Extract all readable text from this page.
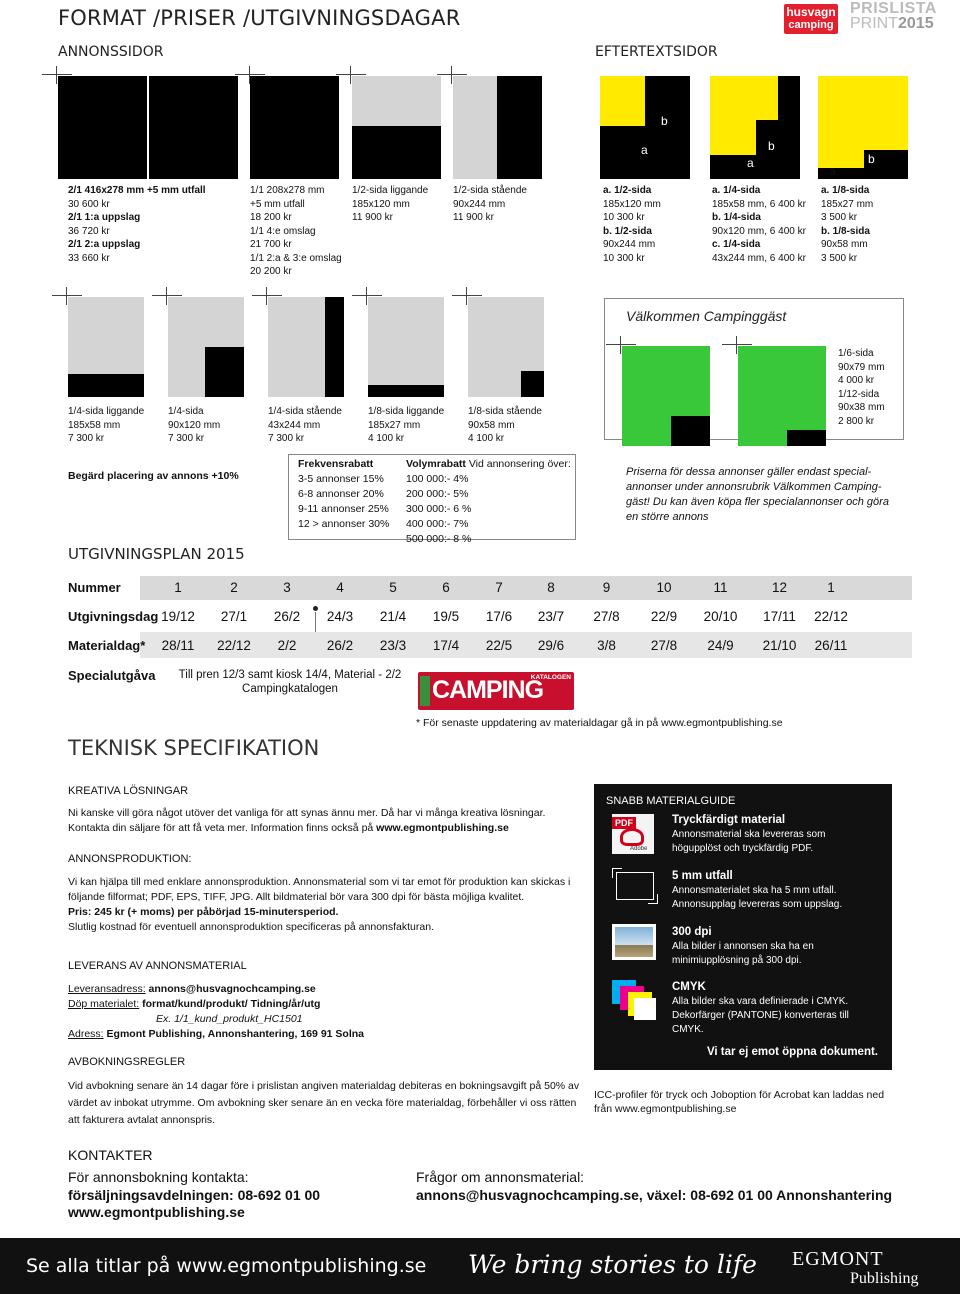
FORMAT /PRISER /UTGIVNINGSDAGAR	husvagn
camping
PRISLISTA
PRINT2015
ANNONSSIDOR	EFTERTEXTSIDOR
a
b
a
b
c
a
b
2/1 416x278 mm +5 mm utfall
30 600 kr
2/1 1:a uppslag
36 720 kr
2/1 2:a uppslag
33 660 kr
1/1 208x278 mm
+5 mm utfall
18 200 kr
1/1 4:e omslag
21 700 kr
1/1 2:a & 3:e omslag
20 200 kr
1/2-sida liggande
185x120 mm
11 900 kr
1/2-sida stående
90x244 mm
11 900 kr
a. 1/2-sida
185x120 mm
10 300 kr
b. 1/2-sida
90x244 mm
10 300 kr
a. 1/4-sida
185x58 mm, 6 400 kr
b. 1/4-sida
90x120 mm, 6 400 kr
c. 1/4-sida
43x244 mm, 6 400 kr
a. 1/8-sida
185x27 mm
3 500 kr
b. 1/8-sida
90x58 mm
3 500 kr
1/4-sida liggande
185x58 mm
7 300 kr
1/4-sida
90x120 mm
7 300 kr
1/4-sida stående
43x244 mm
7 300 kr
1/8-sida liggande
185x27 mm
4 100 kr
1/8-sida stående
90x58 mm
4 100 kr
Välkommen Campinggäst
1/6-sida
90x79 mm
4 000 kr
1/12-sida
90x38 mm
2 800 kr
Priserna för dessa annonser gäller endast special-annonser under annonsrubrik Välkommen Camping-gäst! Du kan även köpa fler specialannonser och göra en större annons
Begärd placering av annons +10%
Frekvensrabatt
3-5 annonser 15%
6-8 annonser 20%
9-11 annonser 25%
12 > annonser 30%
Volymrabatt Vid annonsering över:
100 000:- 4%
200 000:- 5%
300 000:- 6 %
400 000:- 7%
500 000:- 8 %
UTGIVNINGSPLAN 2015
Nummer	1	2	3	4	5	6	7	8	9	10	11	12	1
Utgivningsdag 19/12	27/1	26/2	24/3	21/4	19/5	17/6	23/7	27/8	22/9	20/10	17/11	22/12
Materialdag*	28/11	22/12	2/2	26/2	23/3	17/4	22/5	29/6	3/8	27/8	24/9	21/10	26/11
Specialutgåva	Till pren 12/3 samt kiosk 14/4, Material - 2/2
Campingkatalogen	CAMPING
KATALOGEN
* För senaste uppdatering av materialdagar gå in på www.egmontpublishing.se
TEKNISK SPECIFIKATION
KREATIVA LÖSNINGAR
Ni kanske vill göra något utöver det vanliga för att synas ännu mer. Då har vi många kreativa lösningar.
Kontakta din säljare för att få veta mer. Information finns också på www.egmontpublishing.se
ANNONSPRODUKTION:
Vi kan hjälpa till med enklare annonsproduktion. Annonsmaterial som vi tar emot för produktion kan skickas i
följande filformat; PDF, EPS, TIFF, JPG. Allt bildmaterial bör vara 300 dpi för bästa möjliga kvalitet.
Pris: 245 kr (+ moms) per påbörjad 15-minutersperiod.
Slutlig kostnad för eventuell annonsproduktion specificeras på annonsfakturan.
LEVERANS AV ANNONSMATERIAL
Leveransadress: annons@husvagnochcamping.se
Döp materialet: format/kund/produkt/ Tidning/år/utg
Ex. 1/1_kund_produkt_HC1501
Adress: Egmont Publishing, Annonshantering, 169 91 Solna
AVBOKNINGSREGLER
Vid avbokning senare än 14 dagar före i prislistan angiven materialdag debiteras en bokningsavgift på 50% av
värdet av inbokat utrymme. Om avbokning sker senare än en vecka före materialdag, förbehåller vi oss rätten
att fakturera avtalat annonspris.
SNABB MATERIALGUIDE
PDF
Adobe
Tryckfärdigt material
Annonsmaterial ska levereras som
högupplöst och tryckfärdig PDF.
5 mm utfall
Annonsmaterialet ska ha 5 mm utfall.
Annonsupplag levereras som uppslag.
300 dpi
Alla bilder i annonsen ska ha en
minimiupplösning på 300 dpi.
CMYK
Alla bilder ska vara definierade i CMYK.
Dekorfärger (PANTONE) konverteras till
CMYK.
Vi tar ej emot öppna dokument.
ICC-profiler för tryck och Joboption för Acrobat kan laddas ned från www.egmontpublishing.se
KONTAKTER
För annonsbokning kontakta:
försäljningsavdelningen: 08-692 01 00
www.egmontpublishing.se
Frågor om annonsmaterial:
annons@husvagnochcamping.se, växel: 08-692 01 00 Annonshantering
Se alla titlar på www.egmontpublishing.se We bring stories to life EGMONT
Publishing
